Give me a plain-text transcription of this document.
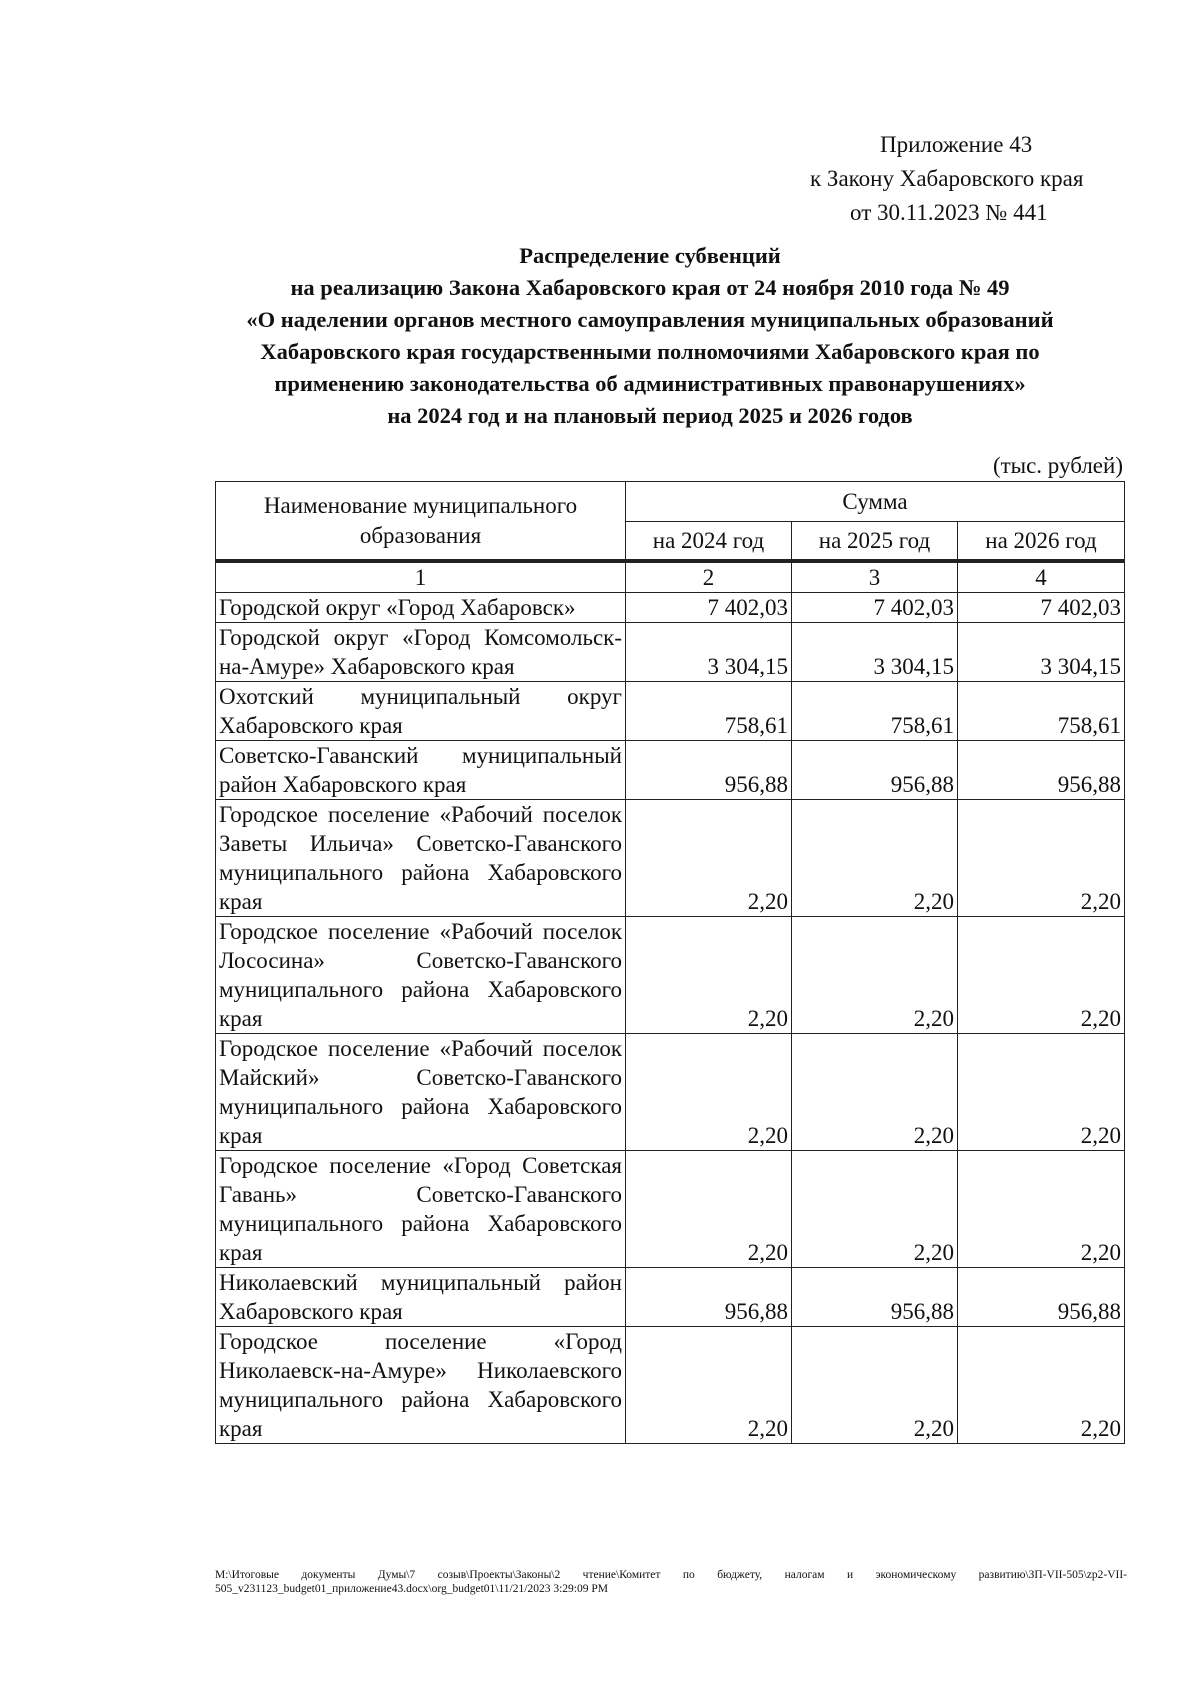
Приложение 43
к Закону Хабаровского края
от 30.11.2023 № 441
Распределение субвенций
на реализацию Закона Хабаровского края от 24 ноября 2010 года № 49
«О наделении органов местного самоуправления муниципальных образований
Хабаровского края государственными полномочиями Хабаровского края по
применению законодательства об административных правонарушениях»
на 2024 год и на плановый период 2025 и 2026 годов
(тыс. рублей)
Наименование муниципального образования	Сумма		
	на 2024 год	на 2025 год	на 2026 год
1	2	3	4
Городской округ «Город Хабаровск»	7 402,03	7 402,03	7 402,03
Городской округ «Город Комсомольск-на-Амуре» Хабаровского края	3 304,15	3 304,15	3 304,15
Охотский муниципальный округ Хабаровского края	758,61	758,61	758,61
Советско-Гаванский муниципальный район Хабаровского края	956,88	956,88	956,88
Городское поселение «Рабочий поселок Заветы Ильича» Советско-Гаванского муниципального района Хабаровского края	2,20	2,20	2,20
Городское поселение «Рабочий поселок Лососина» Советско-Гаванского муниципального района Хабаровского края	2,20	2,20	2,20
Городское поселение «Рабочий поселок Майский» Советско-Гаванского муниципального района Хабаровского края	2,20	2,20	2,20
Городское поселение «Город Советская Гавань» Советско-Гаванского муниципального района Хабаровского края	2,20	2,20	2,20
Николаевский муниципальный район Хабаровского края	956,88	956,88	956,88
Городское поселение «Город Николаевск-на-Амуре» Николаевского муниципального района Хабаровского края	2,20	2,20	2,20
M:\Итоговые документы Думы\7 созыв\Проекты\Законы\2 чтение\Комитет по бюджету, налогам и экономическому развитию\ЗП-VII-505\zp2-VII-505_v231123_budget01_приложение43.docx\org_budget01\11/21/2023 3:29:09 PM
